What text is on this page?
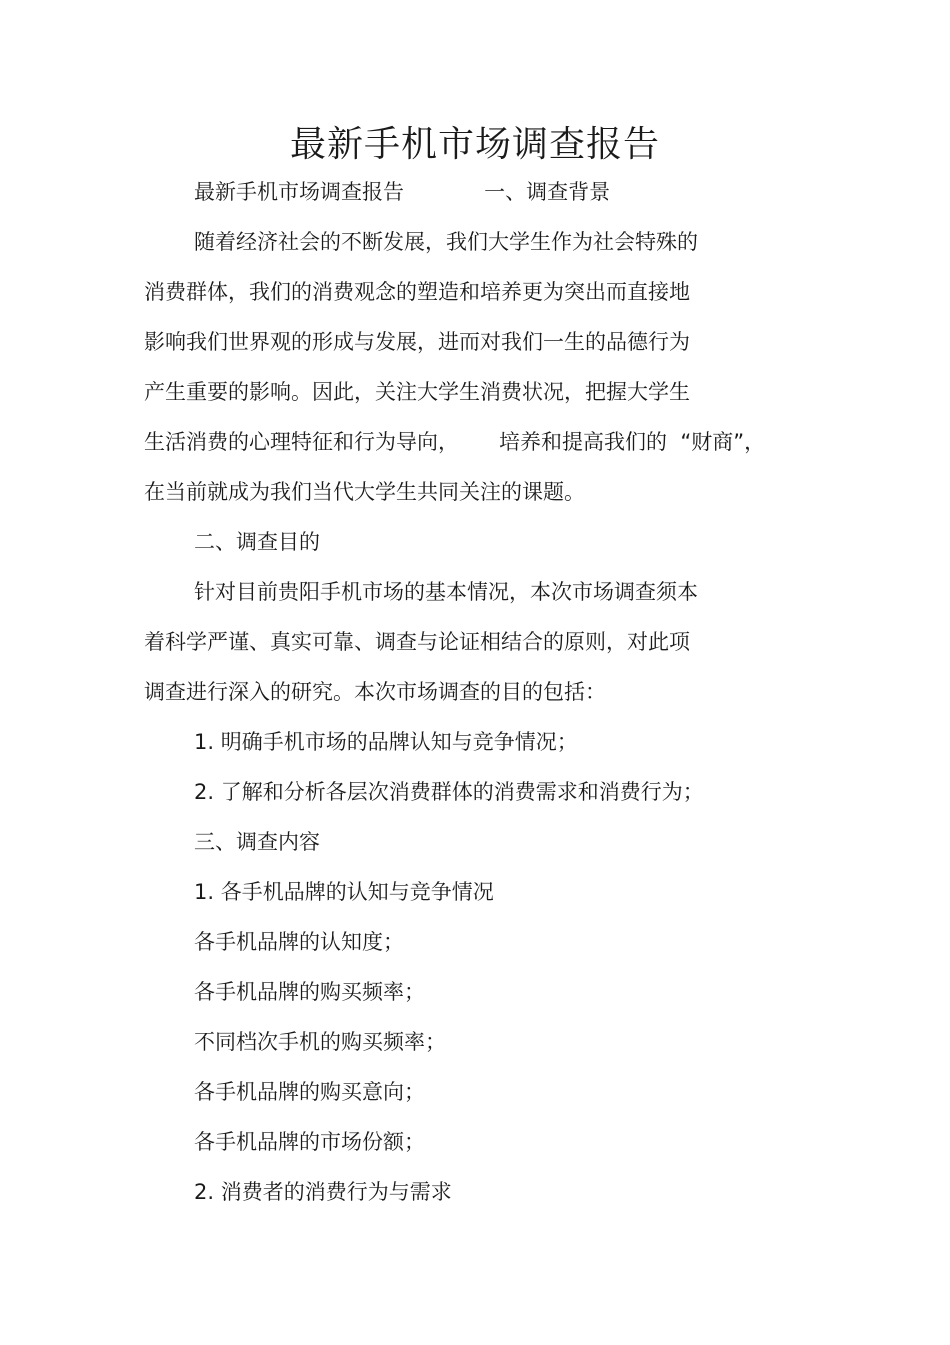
最新手机市场调查报告
最新手机市场调查报告            一、调查背景
随着经济社会的不断发展，我们大学生作为社会特殊的
消费群体，我们的消费观念的塑造和培养更为突出而直接地
影响我们世界观的形成与发展，进而对我们一生的品德行为
产生重要的影响。因此，关注大学生消费状况，把握大学生
生活消费的心理特征和行为导向，      培养和提高我们的  “财商”，
在当前就成为我们当代大学生共同关注的课题。
二、调查目的
针对目前贵阳手机市场的基本情况，本次市场调查须本
着科学严谨、真实可靠、调查与论证相结合的原则，对此项
调查进行深入的研究。本次市场调查的目的包括：
1. 明确手机市场的品牌认知与竞争情况；
2. 了解和分析各层次消费群体的消费需求和消费行为；
三、调查内容
1. 各手机品牌的认知与竞争情况
各手机品牌的认知度；
各手机品牌的购买频率；
不同档次手机的购买频率；
各手机品牌的购买意向；
各手机品牌的市场份额；
2. 消费者的消费行为与需求
